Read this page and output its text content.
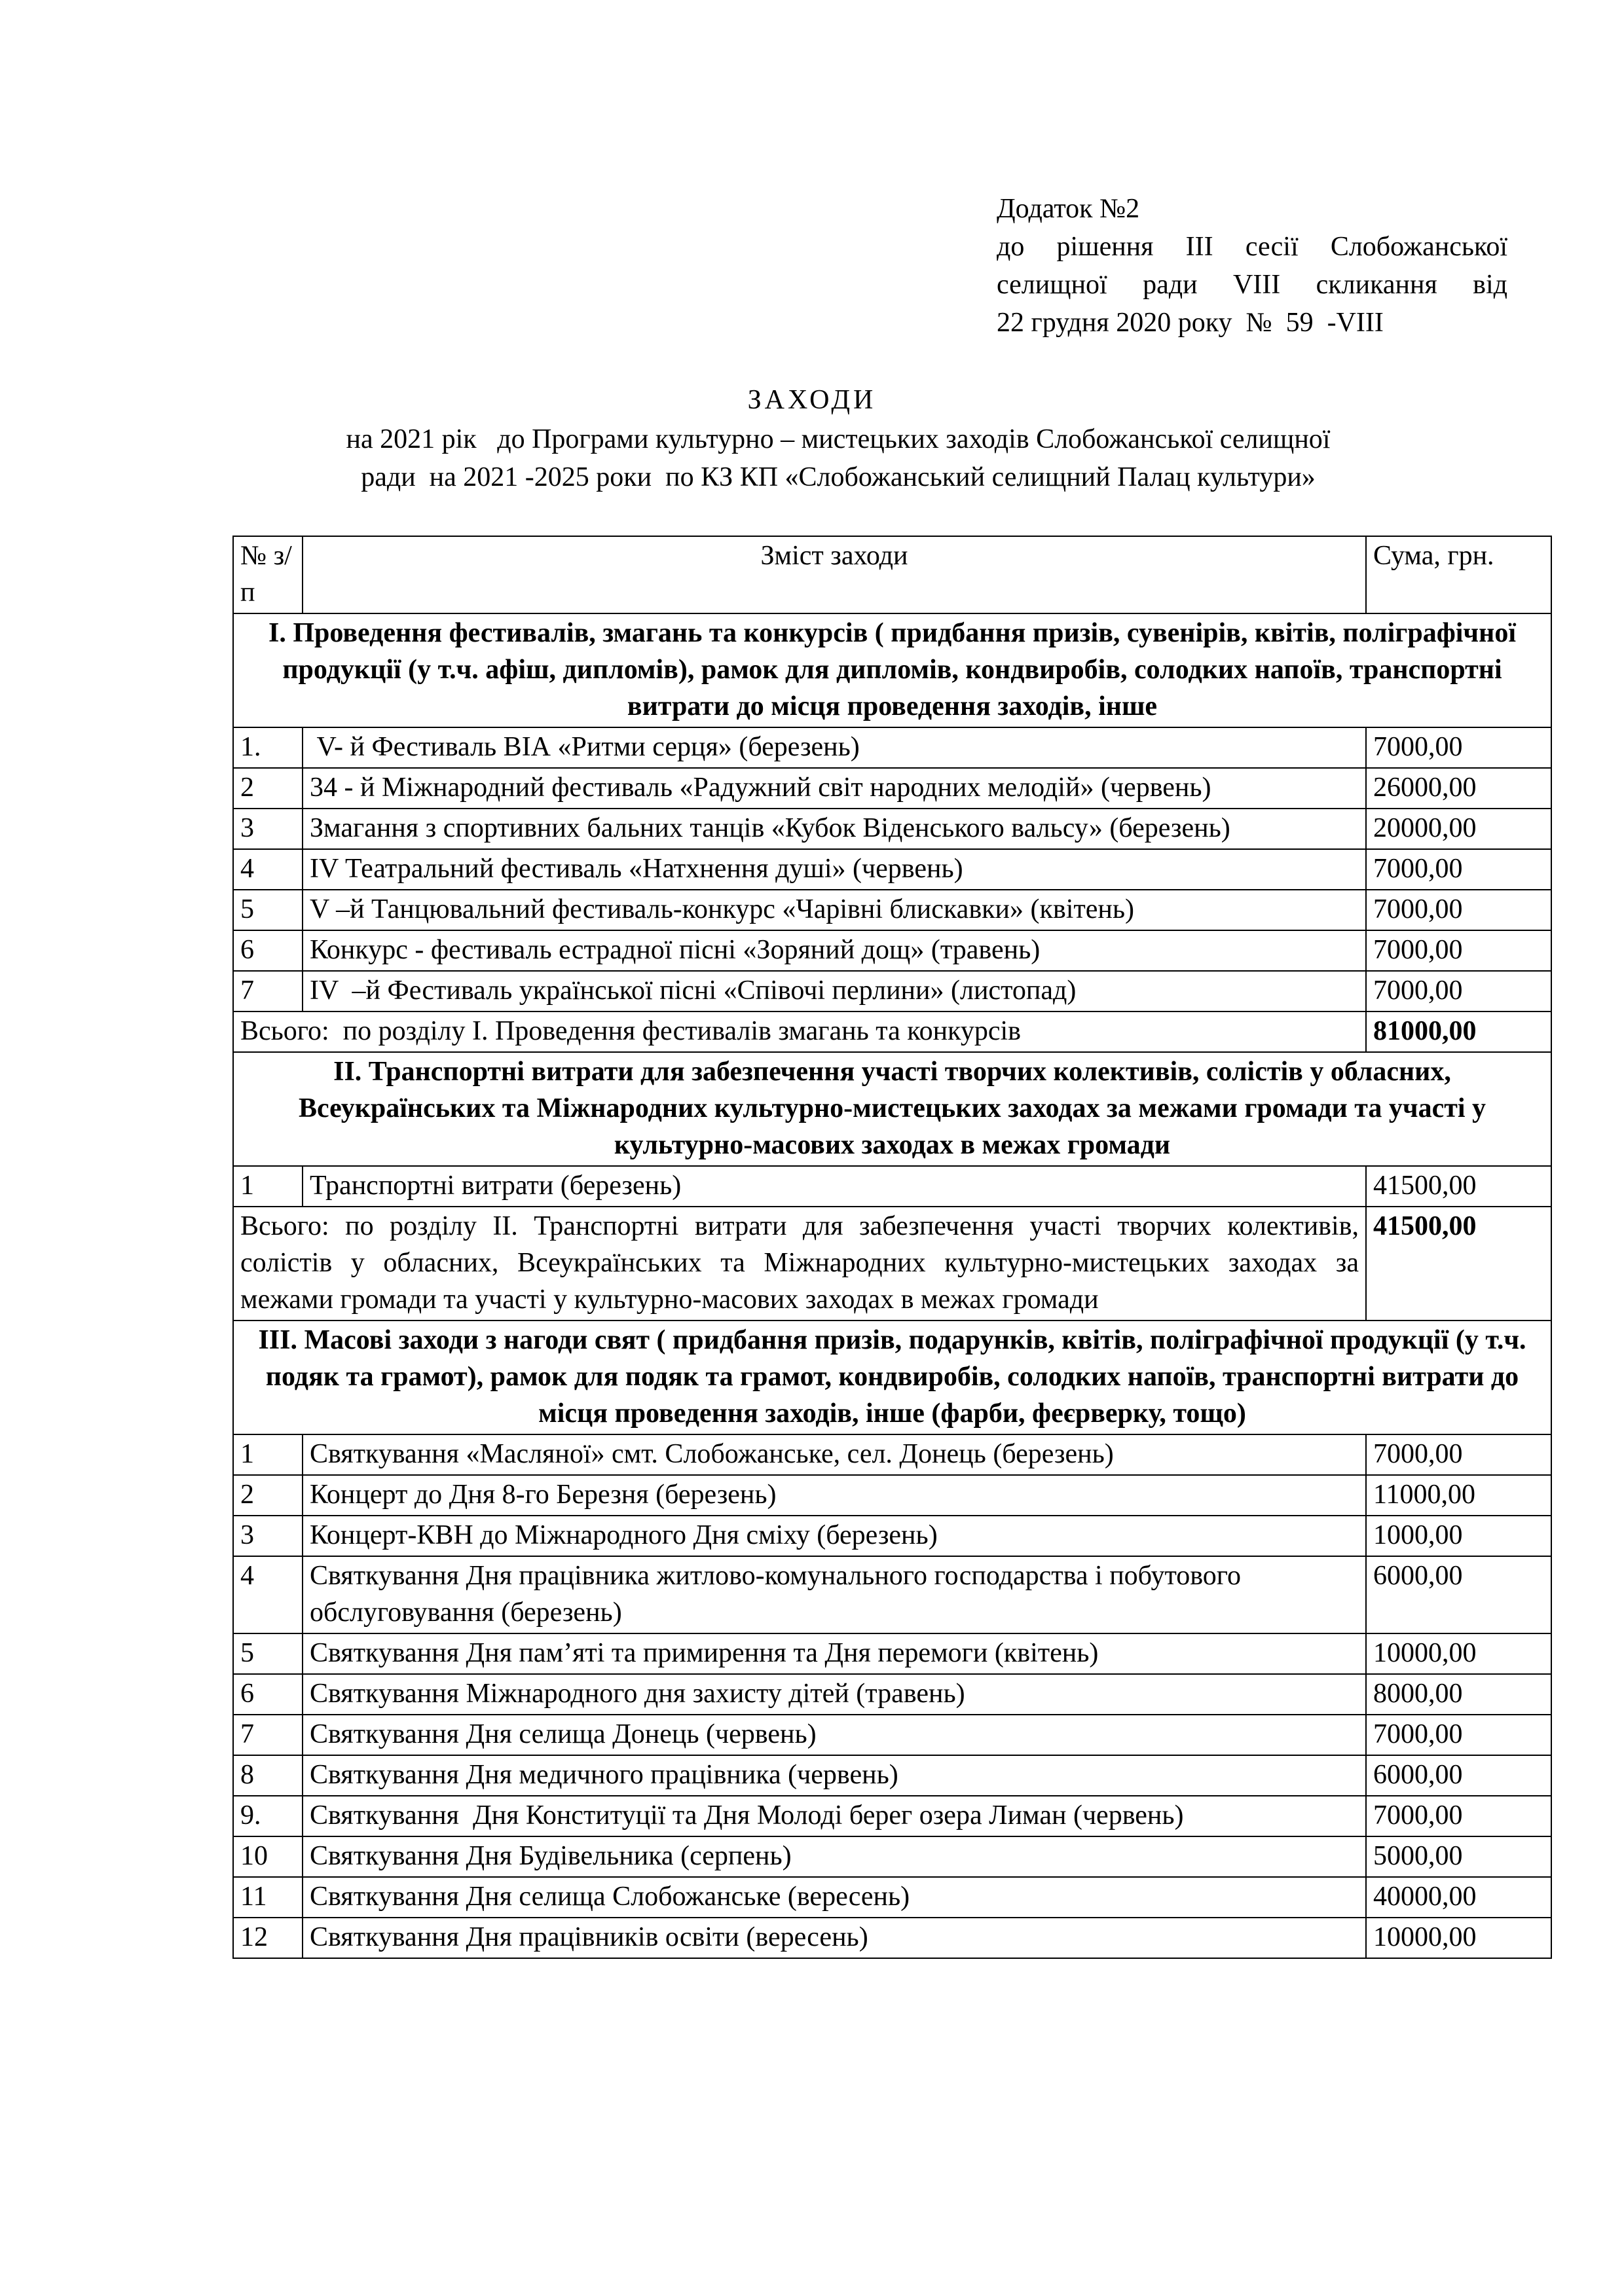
Додаток №2
до рішення ІІІ сесії Слобожанської
селищної ради VIII скликання від
22 грудня 2020 року  №  59  -VIII
ЗАХОДИ
на 2021 рік   до Програми культурно – мистецьких заходів Слобожанської селищної
ради  на 2021 -2025 роки  по КЗ КП «Слобожанський селищний Палац культури»
№ з/п	Зміст заходи	Сума, грн.
І. Проведення фестивалів, змагань та конкурсів ( придбання призів, сувенірів, квітів, поліграфічної продукції (у т.ч. афіш, дипломів), рамок для дипломів, кондвиробів, солодких напоїв, транспортні витрати до місця проведення заходів, інше		
1.	V- й Фестиваль ВІА «Ритми серця» (березень)	7000,00
2	34 - й Міжнародний фестиваль «Радужний світ народних мелодій» (червень)	26000,00
3	Змагання з спортивних бальних танців «Кубок Віденського вальсу» (березень)	20000,00
4	IV Театральний фестиваль «Натхнення душі» (червень)	7000,00
5	V –й Танцювальний фестиваль-конкурс «Чарівні блискавки» (квітень)	7000,00
6	Конкурс - фестиваль естрадної пісні «Зоряний дощ» (травень)	7000,00
7	IV  –й Фестиваль української пісні «Співочі перлини» (листопад)	7000,00
Всього:  по розділу І. Проведення фестивалів змагань та конкурсів		81000,00
ІІ. Транспортні витрати для забезпечення участі творчих колективів, солістів у обласних, Всеукраїнських та Міжнародних культурно-мистецьких заходах за межами громади та участі у культурно-масових заходах в межах громади		
1	Транспортні витрати (березень)	41500,00
Всього: по розділу ІІ. Транспортні витрати для забезпечення участі творчих колективів, солістів у обласних, Всеукраїнських та Міжнародних культурно-мистецьких заходах за межами громади та участі у культурно-масових заходах в межах громади		41500,00
ІІІ. Масові заходи з нагоди свят ( придбання призів, подарунків, квітів, поліграфічної продукції (у т.ч. подяк та грамот), рамок для подяк та грамот, кондвиробів, солодких напоїв, транспортні витрати до місця проведення заходів, інше (фарби, феєрверку, тощо)		
1	Святкування «Масляної» смт. Слобожанське, сел. Донець (березень)	7000,00
2	Концерт до Дня 8-го Березня (березень)	11000,00
3	Концерт-КВН до Міжнародного Дня сміху (березень)	1000,00
4	Святкування Дня працівника житлово-комунального господарства і побутового обслуговування (березень)	6000,00
5	Святкування Дня пам’яті та примирення та Дня перемоги (квітень)	10000,00
6	Святкування Міжнародного дня захисту дітей (травень)	8000,00
7	Святкування Дня селища Донець (червень)	7000,00
8	Святкування Дня медичного працівника (червень)	6000,00
9.	Святкування  Дня Конституції та Дня Молоді берег озера Лиман (червень)	7000,00
10	Святкування Дня Будівельника (серпень)	5000,00
11	Святкування Дня селища Слобожанське (вересень)	40000,00
12	Святкування Дня працівників освіти (вересень)	10000,00
